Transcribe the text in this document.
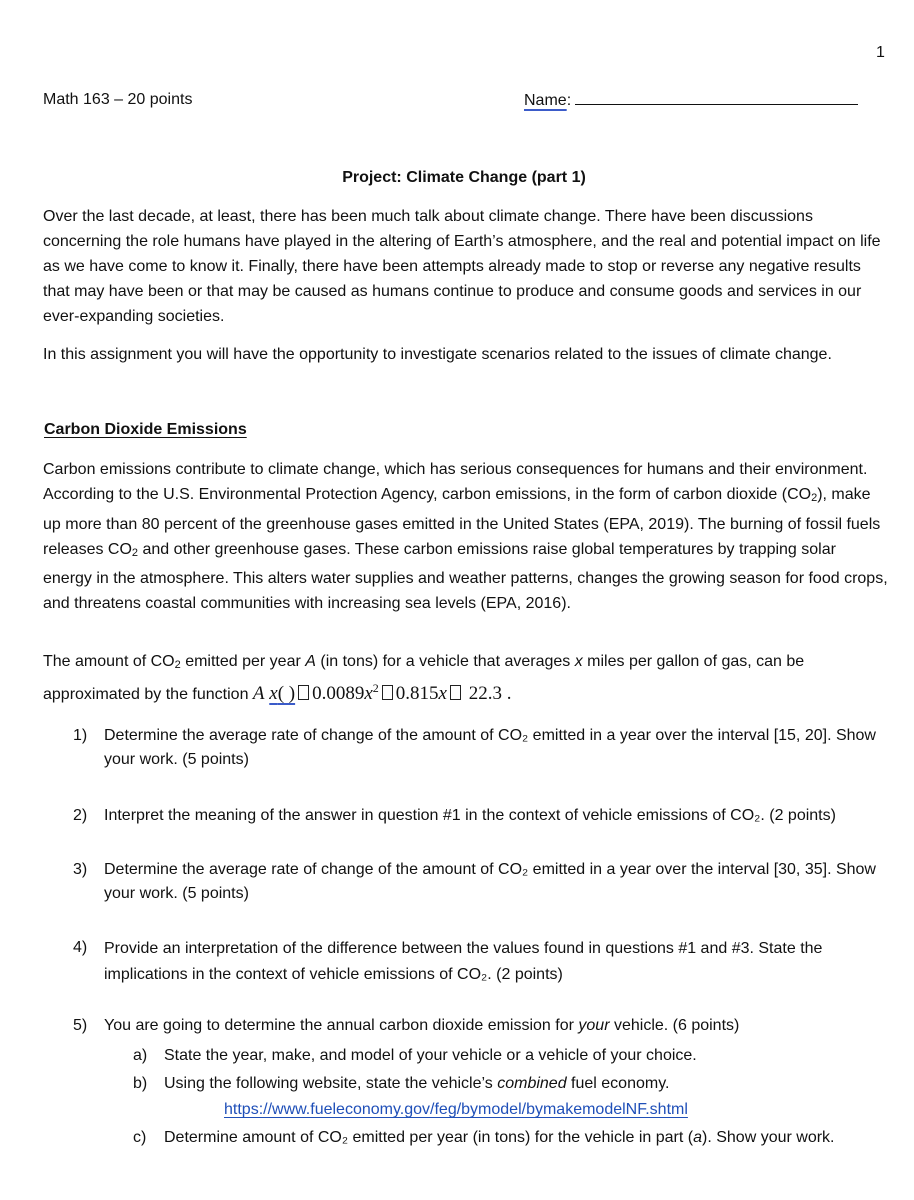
1
Math 163 – 20 points	Name:
Project: Climate Change (part 1)
Over the last decade, at least, there has been much talk about climate change. There have been discussions concerning the role humans have played in the altering of Earth’s atmosphere, and the real and potential impact on life as we have come to know it. Finally, there have been attempts already made to stop or reverse any negative results that may have been or that may be caused as humans continue to produce and consume goods and services in our ever-expanding societies.
In this assignment you will have the opportunity to investigate scenarios related to the issues of climate change.
Carbon Dioxide Emissions
Carbon emissions contribute to climate change, which has serious consequences for humans and their environment. According to the U.S. Environmental Protection Agency, carbon emissions, in the form of carbon dioxide (CO2), make up more than 80 percent of the greenhouse gases emitted in the United States (EPA, 2019). The burning of fossil fuels releases CO2 and other greenhouse gases. These carbon emissions raise global temperatures by trapping solar energy in the atmosphere. This alters water supplies and weather patterns, changes the growing season for food crops, and threatens coastal communities with increasing sea levels (EPA, 2016).
The amount of CO2 emitted per year A (in tons) for a vehicle that averages x miles per gallon of gas, can be
approximated by the function A x( ) $0.0089x^2$ 0.815x 22.3 .
1)	Determine the average rate of change of the amount of CO₂ emitted in a year over the interval [15, 20]. Show your work. (5 points)
2)	Interpret the meaning of the answer in question #1 in the context of vehicle emissions of CO₂. (2 points)
3)	Determine the average rate of change of the amount of CO₂ emitted in a year over the interval [30, 35]. Show your work. (5 points)
4)	Provide an interpretation of the difference between the values found in questions #1 and #3. State the implications in the context of vehicle emissions of CO₂. (2 points)
5)	You are going to determine the annual carbon dioxide emission for your vehicle. (6 points)
a) State the year, make, and model of your vehicle or a vehicle of your choice.
b) Using the following website, state the vehicle’s combined fuel economy.
https://www.fueleconomy.gov/feg/bymodel/bymakemodelNF.shtml
c) Determine amount of CO₂ emitted per year (in tons) for the vehicle in part (a). Show your work.
